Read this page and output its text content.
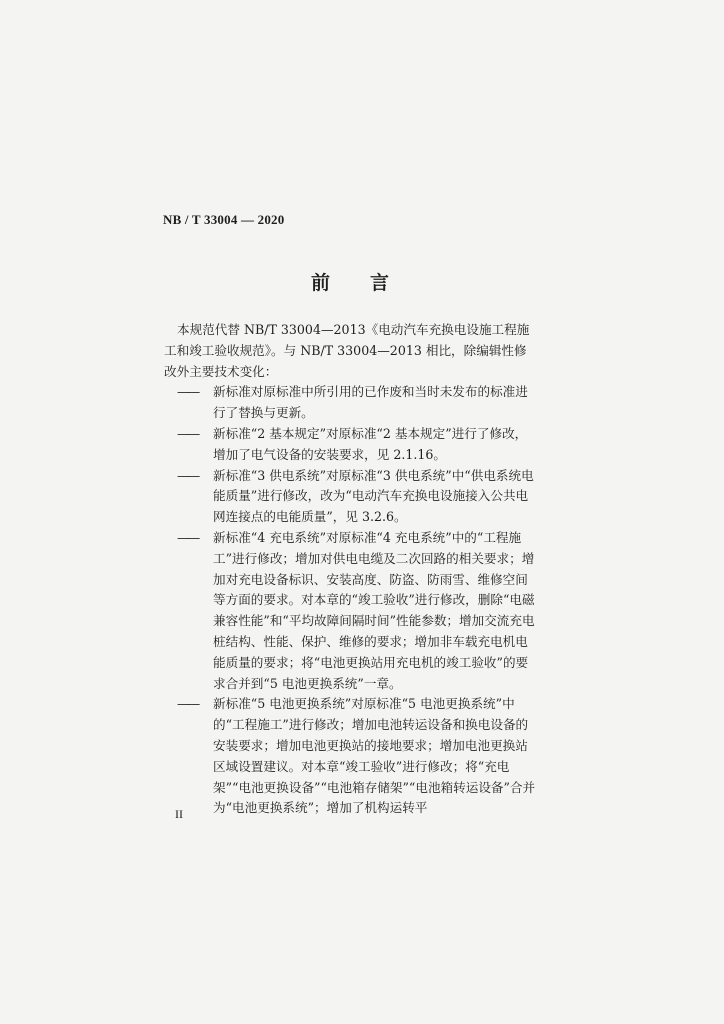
NB / T 33004 — 2020
前言

本规范代替 NB/T 33004—2013《电动汽车充换电设施工程施工和竣工验收规范》。与 NB/T 33004—2013 相比，除编辑性修改外主要技术变化：

—— 新标准对原标准中所引用的已作废和当时未发布的标准进行了替换与更新。

—— 新标准“2 基本规定”对原标准“2 基本规定”进行了修改，增加了电气设备的安装要求，见 2.1.16。

—— 新标准“3 供电系统”对原标准“3 供电系统”中“供电系统电能质量”进行修改，改为“电动汽车充换电设施接入公共电网连接点的电能质量”，见 3.2.6。

—— 新标准“4 充电系统”对原标准“4 充电系统”中的“工程施工”进行修改；增加对供电电缆及二次回路的相关要求；增加对充电设备标识、安装高度、防盗、防雨雪、维修空间等方面的要求。对本章的“竣工验收”进行修改，删除“电磁兼容性能”和“平均故障间隔时间”性能参数；增加交流充电桩结构、性能、保护、维修的要求；增加非车载充电机电能质量的要求；将“电池更换站用充电机的竣工验收”的要求合并到“5 电池更换系统”一章。

—— 新标准“5 电池更换系统”对原标准“5 电池更换系统”中的“工程施工”进行修改；增加电池转运设备和换电设备的安装要求；增加电池更换站的接地要求；增加电池更换站区域设置建议。对本章“竣工验收”进行修改；将“充电架”“电池更换设备”“电池箱存储架”“电池箱转运设备”合并为“电池更换系统”；增加了机构运转平

II
